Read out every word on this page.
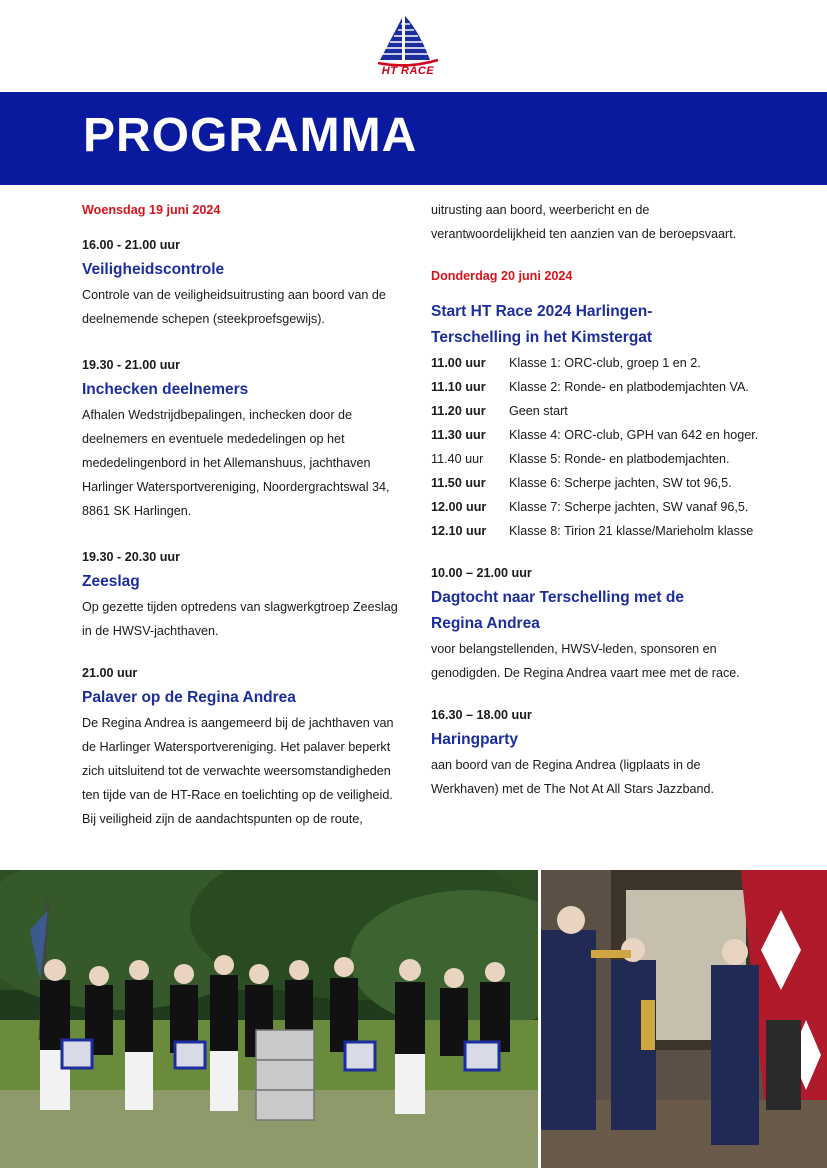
HT RACE
PROGRAMMA

Woensdag 19 juni 2024

16.00 - 21.00 uur

Veiligheidscontrole

Controle van de veiligheidsuitrusting aan boord van de

deelnemende schepen (steekproefsgewijs).

19.30 - 21.00 uur

Inchecken deelnemers

Afhalen Wedstrijdbepalingen, inchecken door de

deelnemers en eventuele mededelingen op het

mededelingenbord in het Allemanshuus, jachthaven

Harlinger Watersportvereniging, Noordergrachtswal 34,

8861 SK Harlingen.

19.30 - 20.30 uur

Zeeslag

Op gezette tijden optredens van slagwerkgtroep Zeeslag

in de HWSV-jachthaven.

21.00 uur

Palaver op de Regina Andrea

De Regina Andrea is aangemeerd bij de jachthaven van

de Harlinger Watersportvereniging. Het palaver beperkt

zich uitsluitend tot de verwachte weersomstandigheden

ten tijde van de HT-Race en toelichting op de veiligheid.

Bij veiligheid zijn de aandachtspunten op de route,

uitrusting aan boord, weerbericht en de

verantwoordelijkheid ten aanzien van de beroepsvaart.

Donderdag 20 juni 2024

Start HT Race 2024 Harlingen-

Terschelling in het Kimstergat

11.00 uur	Klasse 1: ORC-club, groep 1 en 2.
11.10 uur	Klasse 2: Ronde- en platbodemjachten VA.
11.20 uur	Geen start
11.30 uur	Klasse 4: ORC-club, GPH van 642 en hoger.
11.40 uur	Klasse 5: Ronde- en platbodemjachten.
11.50 uur	Klasse 6: Scherpe jachten, SW tot 96,5.
12.00 uur	Klasse 7: Scherpe jachten, SW vanaf 96,5.
12.10 uur	Klasse 8: Tirion 21 klasse/Marieholm klasse

10.00 – 21.00 uur

Dagtocht naar Terschelling met de

Regina Andrea

voor belangstellenden, HWSV-leden, sponsoren en

genodigden. De Regina Andrea vaart mee met de race.

16.30 – 18.00 uur

Haringparty

aan boord van de Regina Andrea (ligplaats in de

Werkhaven) met de The Not At All Stars Jazzband.
